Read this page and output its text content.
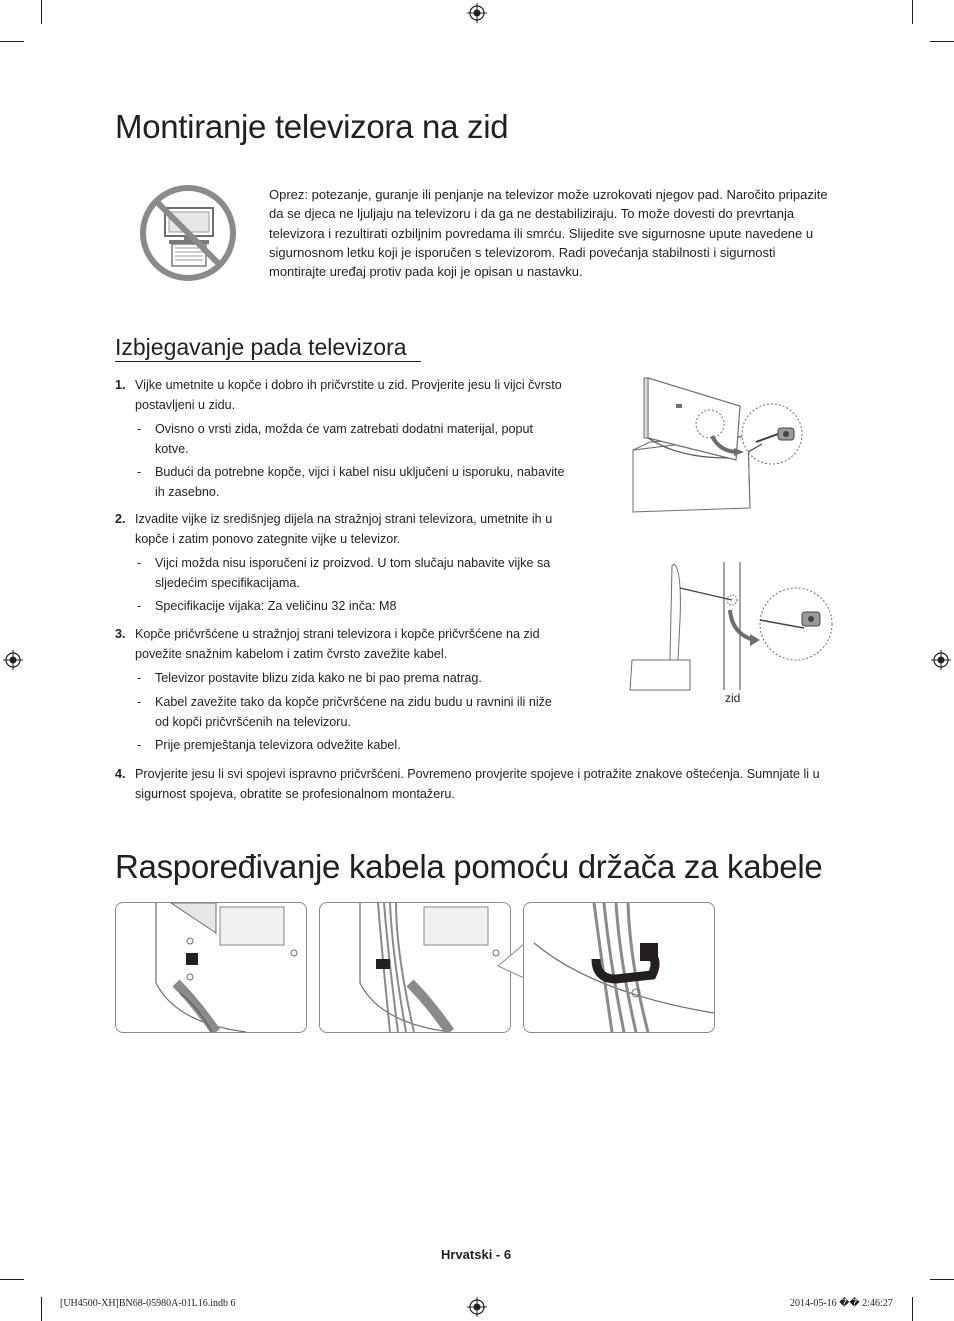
Montiranje televizora na zid
Oprez: potezanje, guranje ili penjanje na televizor može uzrokovati njegov pad. Naročito pripazite da se djeca ne ljuljaju na televizoru i da ga ne destabiliziraju. To može dovesti do prevrtanja televizora i rezultirati ozbiljnim povredama ili smrću. Slijedite sve sigurnosne upute navedene u sigurnosnom letku koji je isporučen s televizorom. Radi povećanja stabilnosti i sigurnosti montirajte uređaj protiv pada koji je opisan u nastavku.
Izbjegavanje pada televizora
1. Vijke umetnite u kopče i dobro ih pričvrstite u zid. Provjerite jesu li vijci čvrsto
postavljeni u zidu.
- Ovisno o vrsti zida, možda će vam zatrebati dodatni materijal, poput
kotve.
- Budući da potrebne kopče, vijci i kabel nisu uključeni u isporuku, nabavite
ih zasebno.
2. Izvadite vijke iz središnjeg dijela na stražnjoj strani televizora, umetnite ih u
kopče i zatim ponovo zategnite vijke u televizor.
- Vijci možda nisu isporučeni iz proizvod. U tom slučaju nabavite vijke sa
sljedećim specifikacijama.
- Specifikacije vijaka: Za veličinu 32 inča: M8
3. Kopče pričvršćene u stražnjoj strani televizora i kopče pričvršćene na zid
povežite snažnim kabelom i zatim čvrsto zavežite kabel.
- Televizor postavite blizu zida kako ne bi pao prema natrag.
- Kabel zavežite tako da kopče pričvršćene na zidu budu u ravnini ili niže
od kopči pričvršćenih na televizoru.
- Prije premještanja televizora odvežite kabel.
4. Provjerite jesu li svi spojevi ispravno pričvršćeni. Povremeno provjerite spojeve i potražite znakove oštećenja. Sumnjate li u
sigurnost spojeva, obratite se profesionalnom montažeru.
zid
Raspoređivanje kabela pomoću držača za kabele
Hrvatski - 6
[UH4500-XH]BN68-05980A-01L16.indb 6	2014-05-16 �� 2:46:27
